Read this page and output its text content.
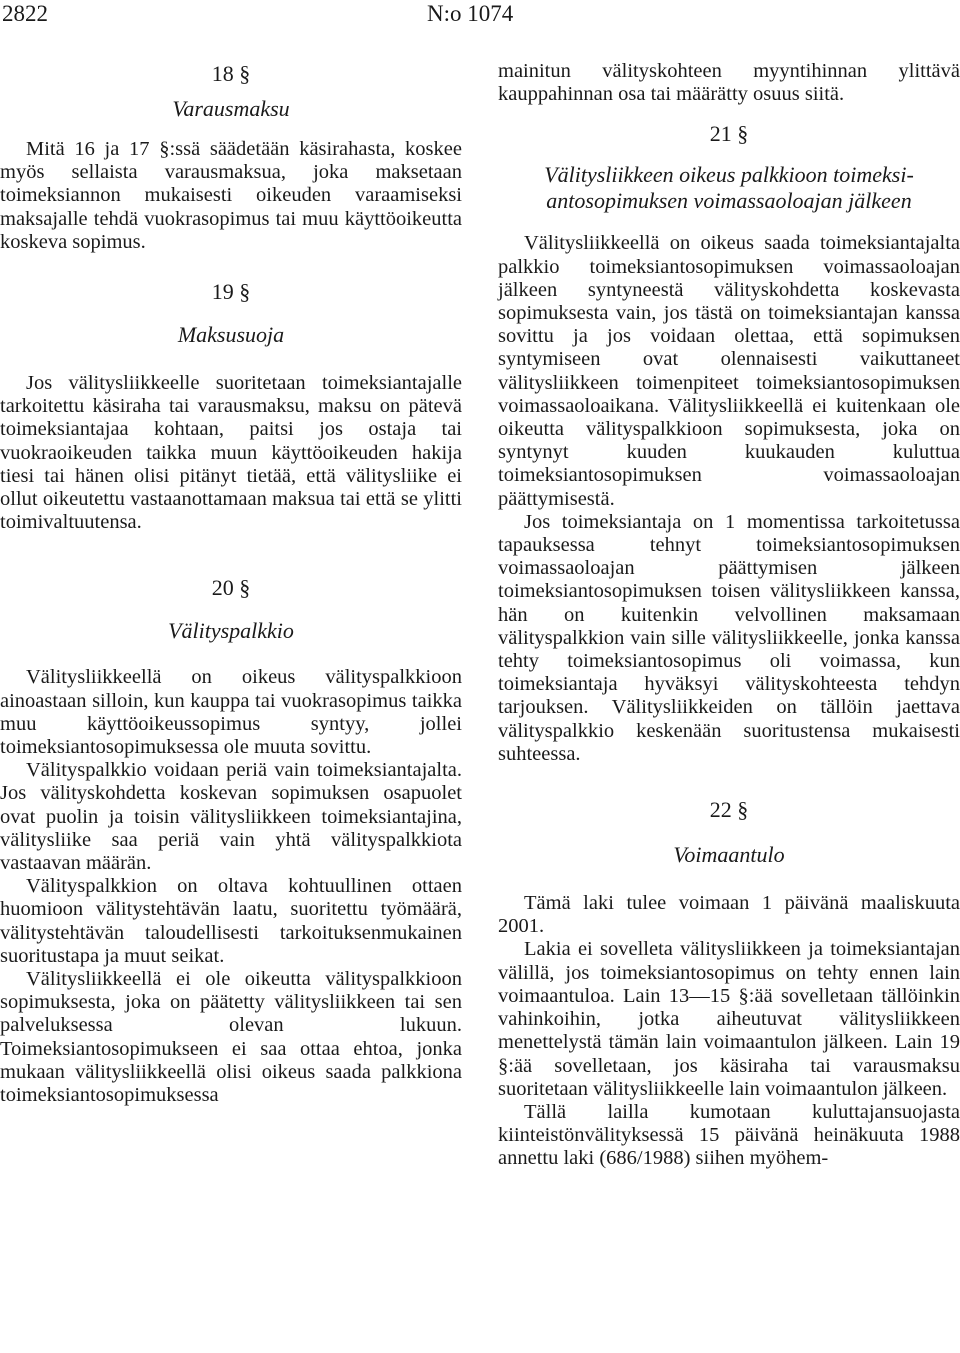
2822	N:o 1074

18 §

Varausmaksu

Mitä 16 ja 17 §:ssä säädetään käsirahasta, koskee myös sellaista varausmaksua, joka maksetaan toimeksiannon mukaisesti oikeuden varaamiseksi maksajalle tehdä vuokrasopimus tai muu käyttöoikeutta koskeva sopimus.

19 §

Maksusuoja

Jos välitysliikkeelle suoritetaan toimeksiantajalle tarkoitettu käsiraha tai varausmaksu, maksu on pätevä toimeksiantajaa kohtaan, paitsi jos ostaja tai vuokraoikeuden taikka muun käyttöoikeuden hakija tiesi tai hänen olisi pitänyt tietää, että välitysliike ei ollut oikeutettu vastaanottamaan maksua tai että se ylitti toimivaltuutensa.

20 §

Välityspalkkio

Välitysliikkeellä on oikeus välityspalkkioon ainoastaan silloin, kun kauppa tai vuokrasopimus taikka muu käyttöoikeussopimus syntyy, jollei toimeksiantosopimuksessa ole muuta sovittu.

Välityspalkkio voidaan periä vain toimeksiantajalta. Jos välityskohdetta koskevan sopimuksen osapuolet ovat puolin ja toisin välitysliikkeen toimeksiantajina, välitysliike saa periä vain yhtä välityspalkkiota vastaavan määrän.

Välityspalkkion on oltava kohtuullinen ottaen huomioon välitystehtävän laatu, suoritettu työmäärä, välitystehtävän taloudellisesti tarkoituksenmukainen suoritustapa ja muut seikat.

Välitysliikkeellä ei ole oikeutta välityspalkkioon sopimuksesta, joka on päätetty välitysliikkeen tai sen palveluksessa olevan lukuun. Toimeksiantosopimukseen ei saa ottaa ehtoa, jonka mukaan välitysliikkeellä olisi oikeus saada palkkiona toimeksiantosopimuksessa

mainitun välityskohteen myyntihinnan ylittävä kauppahinnan osa tai määrätty osuus siitä.

21 §

Välitysliikkeen oikeus palkkioon toimeksi-

antosopimuksen voimassaoloajan jälkeen

Välitysliikkeellä on oikeus saada toimeksiantajalta palkkio toimeksiantosopimuksen voimassaoloajan jälkeen syntyneestä välityskohdetta koskevasta sopimuksesta vain, jos tästä on toimeksiantajan kanssa sovittu ja jos voidaan olettaa, että sopimuksen syntymiseen ovat olennaisesti vaikuttaneet välitysliikkeen toimenpiteet toimeksiantosopimuksen voimassaoloaikana. Välitysliikkeellä ei kuitenkaan ole oikeutta välityspalkkioon sopimuksesta, joka on syntynyt kuuden kuukauden kuluttua toimeksiantosopimuksen voimassaoloajan päättymisestä.

Jos toimeksiantaja on 1 momentissa tarkoitetussa tapauksessa tehnyt toimeksiantosopimuksen voimassaoloajan päättymisen jälkeen toimeksiantosopimuksen toisen välitysliikkeen kanssa, hän on kuitenkin velvollinen maksamaan välityspalkkion vain sille välitysliikkeelle, jonka kanssa tehty toimeksiantosopimus oli voimassa, kun toimeksiantaja hyväksyi välityskohteesta tehdyn tarjouksen. Välitysliikkeiden on tällöin jaettava välityspalkkio keskenään suoritustensa mukaisesti suhteessa.

22 §

Voimaantulo

Tämä laki tulee voimaan 1 päivänä maaliskuuta 2001.

Lakia ei sovelleta välitysliikkeen ja toimeksiantajan välillä, jos toimeksiantosopimus on tehty ennen lain voimaantuloa. Lain 13—15 §:ää sovelletaan tällöinkin vahinkoihin, jotka aiheutuvat välitysliikkeen menettelystä tämän lain voimaantulon jälkeen. Lain 19 §:ää sovelletaan, jos käsiraha tai varausmaksu suoritetaan välitysliikkeelle lain voimaantulon jälkeen.

Tällä lailla kumotaan kuluttajansuojasta kiinteistönvälityksessä 15 päivänä heinäkuuta 1988 annettu laki (686/1988) siihen myöhem-
